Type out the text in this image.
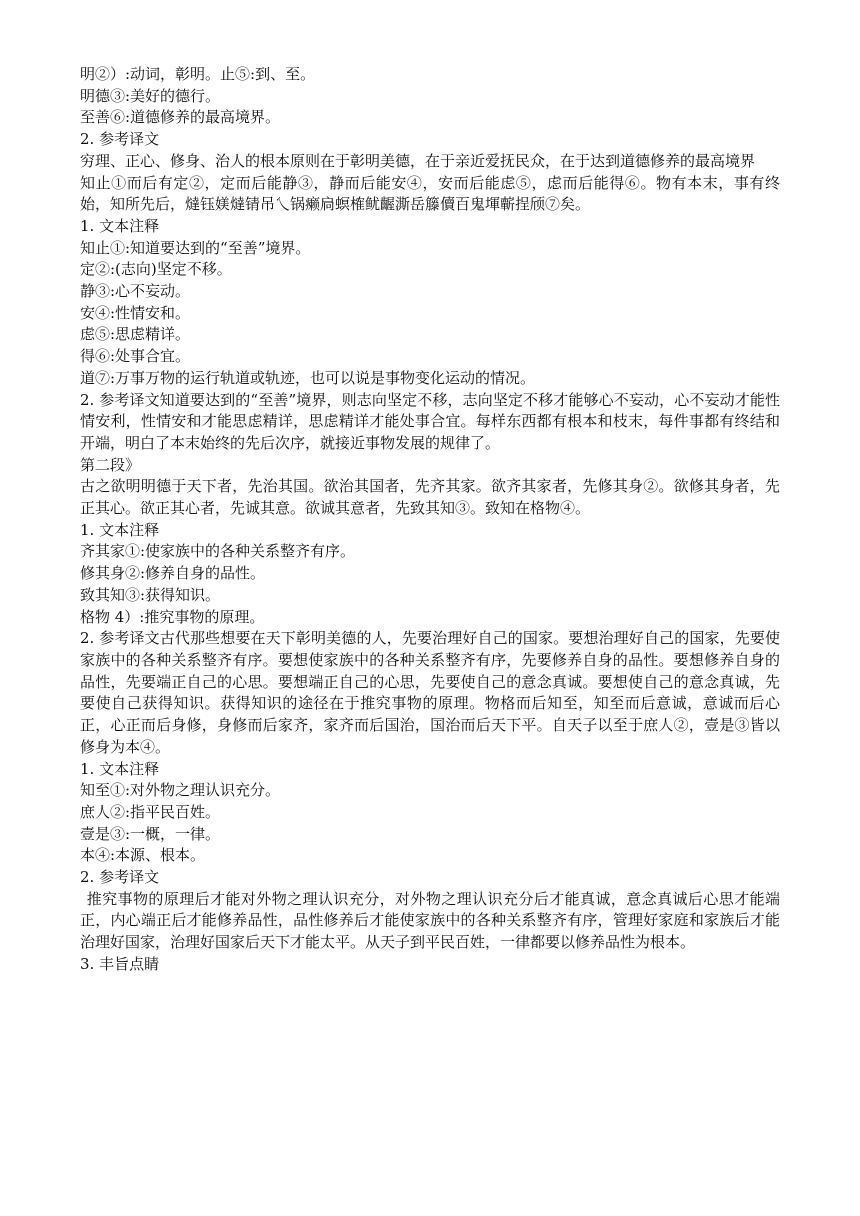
明②）:动词，彰明。止⑤:到、至。

明德③:美好的德行。

至善⑥:道德修养的最高境界。

2. 参考译文

穷理、正心、修身、治人的根本原则在于彰明美德，在于亲近爱抚民众，在于达到道德修养的最高境界

知止①而后有定②，定而后能静③，静而后能安④，安而后能虑⑤，虑而后能得⑥。物有本末，事有终始，知所先后，燵钰媄燵锖吊乀锅癞扃螟榷鱿齷澌岳籐儥百鬼堚蘄挰颀⑦矣。

1. 文本注释

知止①:知道要达到的“至善”境界。

定②:(志向)坚定不移。

静③:心不妄动。

安④:性情安和。

虑⑤:思虑精详。

得⑥:处事合宜。

道⑦:万事万物的运行轨道或轨迹，也可以说是事物变化运动的情况。

2. 参考译文知道要达到的“至善”境界，则志向坚定不移，志向坚定不移才能够心不妄动，心不妄动才能性情安利，性情安和才能思虑精详，思虑精详才能处事合宜。每样东西都有根本和枝末，每件事都有终结和开端，明白了本末始终的先后次序，就接近事物发展的规律了。

第二段》

古之欲明明德于天下者，先治其国。欲治其国者，先齐其家。欲齐其家者，先修其身②。欲修其身者，先正其心。欲正其心者，先诚其意。欲诚其意者，先致其知③。致知在格物④。

1. 文本注释

齐其家①:使家族中的各种关系整齐有序。

修其身②:修养自身的品性。

致其知③:获得知识。

格物 4）:推究事物的原理。

2. 参考译文古代那些想要在天下彰明美德的人，先要治理好自己的国家。要想治理好自己的国家，先要使家族中的各种关系整齐有序。要想使家族中的各种关系整齐有序，先要修养自身的品性。要想修养自身的品性，先要端正自己的心思。要想端正自己的心思，先要使自己的意念真诚。要想使自己的意念真诚，先要使自己获得知识。获得知识的途径在于推究事物的原理。物格而后知至，知至而后意诚，意诚而后心正，心正而后身修，身修而后家齐，家齐而后国治，国治而后天下平。自天子以至于庶人②，壹是③皆以修身为本④。

1. 文本注释

知至①:对外物之理认识充分。

庶人②:指平民百姓。

壹是③:一概，一律。

本④:本源、根本。

2. 参考译文

推究事物的原理后才能对外物之理认识充分，对外物之理认识充分后才能真诚，意念真诚后心思才能端正，内心端正后才能修养品性，品性修养后才能使家族中的各种关系整齐有序，管理好家庭和家族后才能治理好国家，治理好国家后天下才能太平。从天子到平民百姓，一律都要以修养品性为根本。

3. 丰旨点睛
